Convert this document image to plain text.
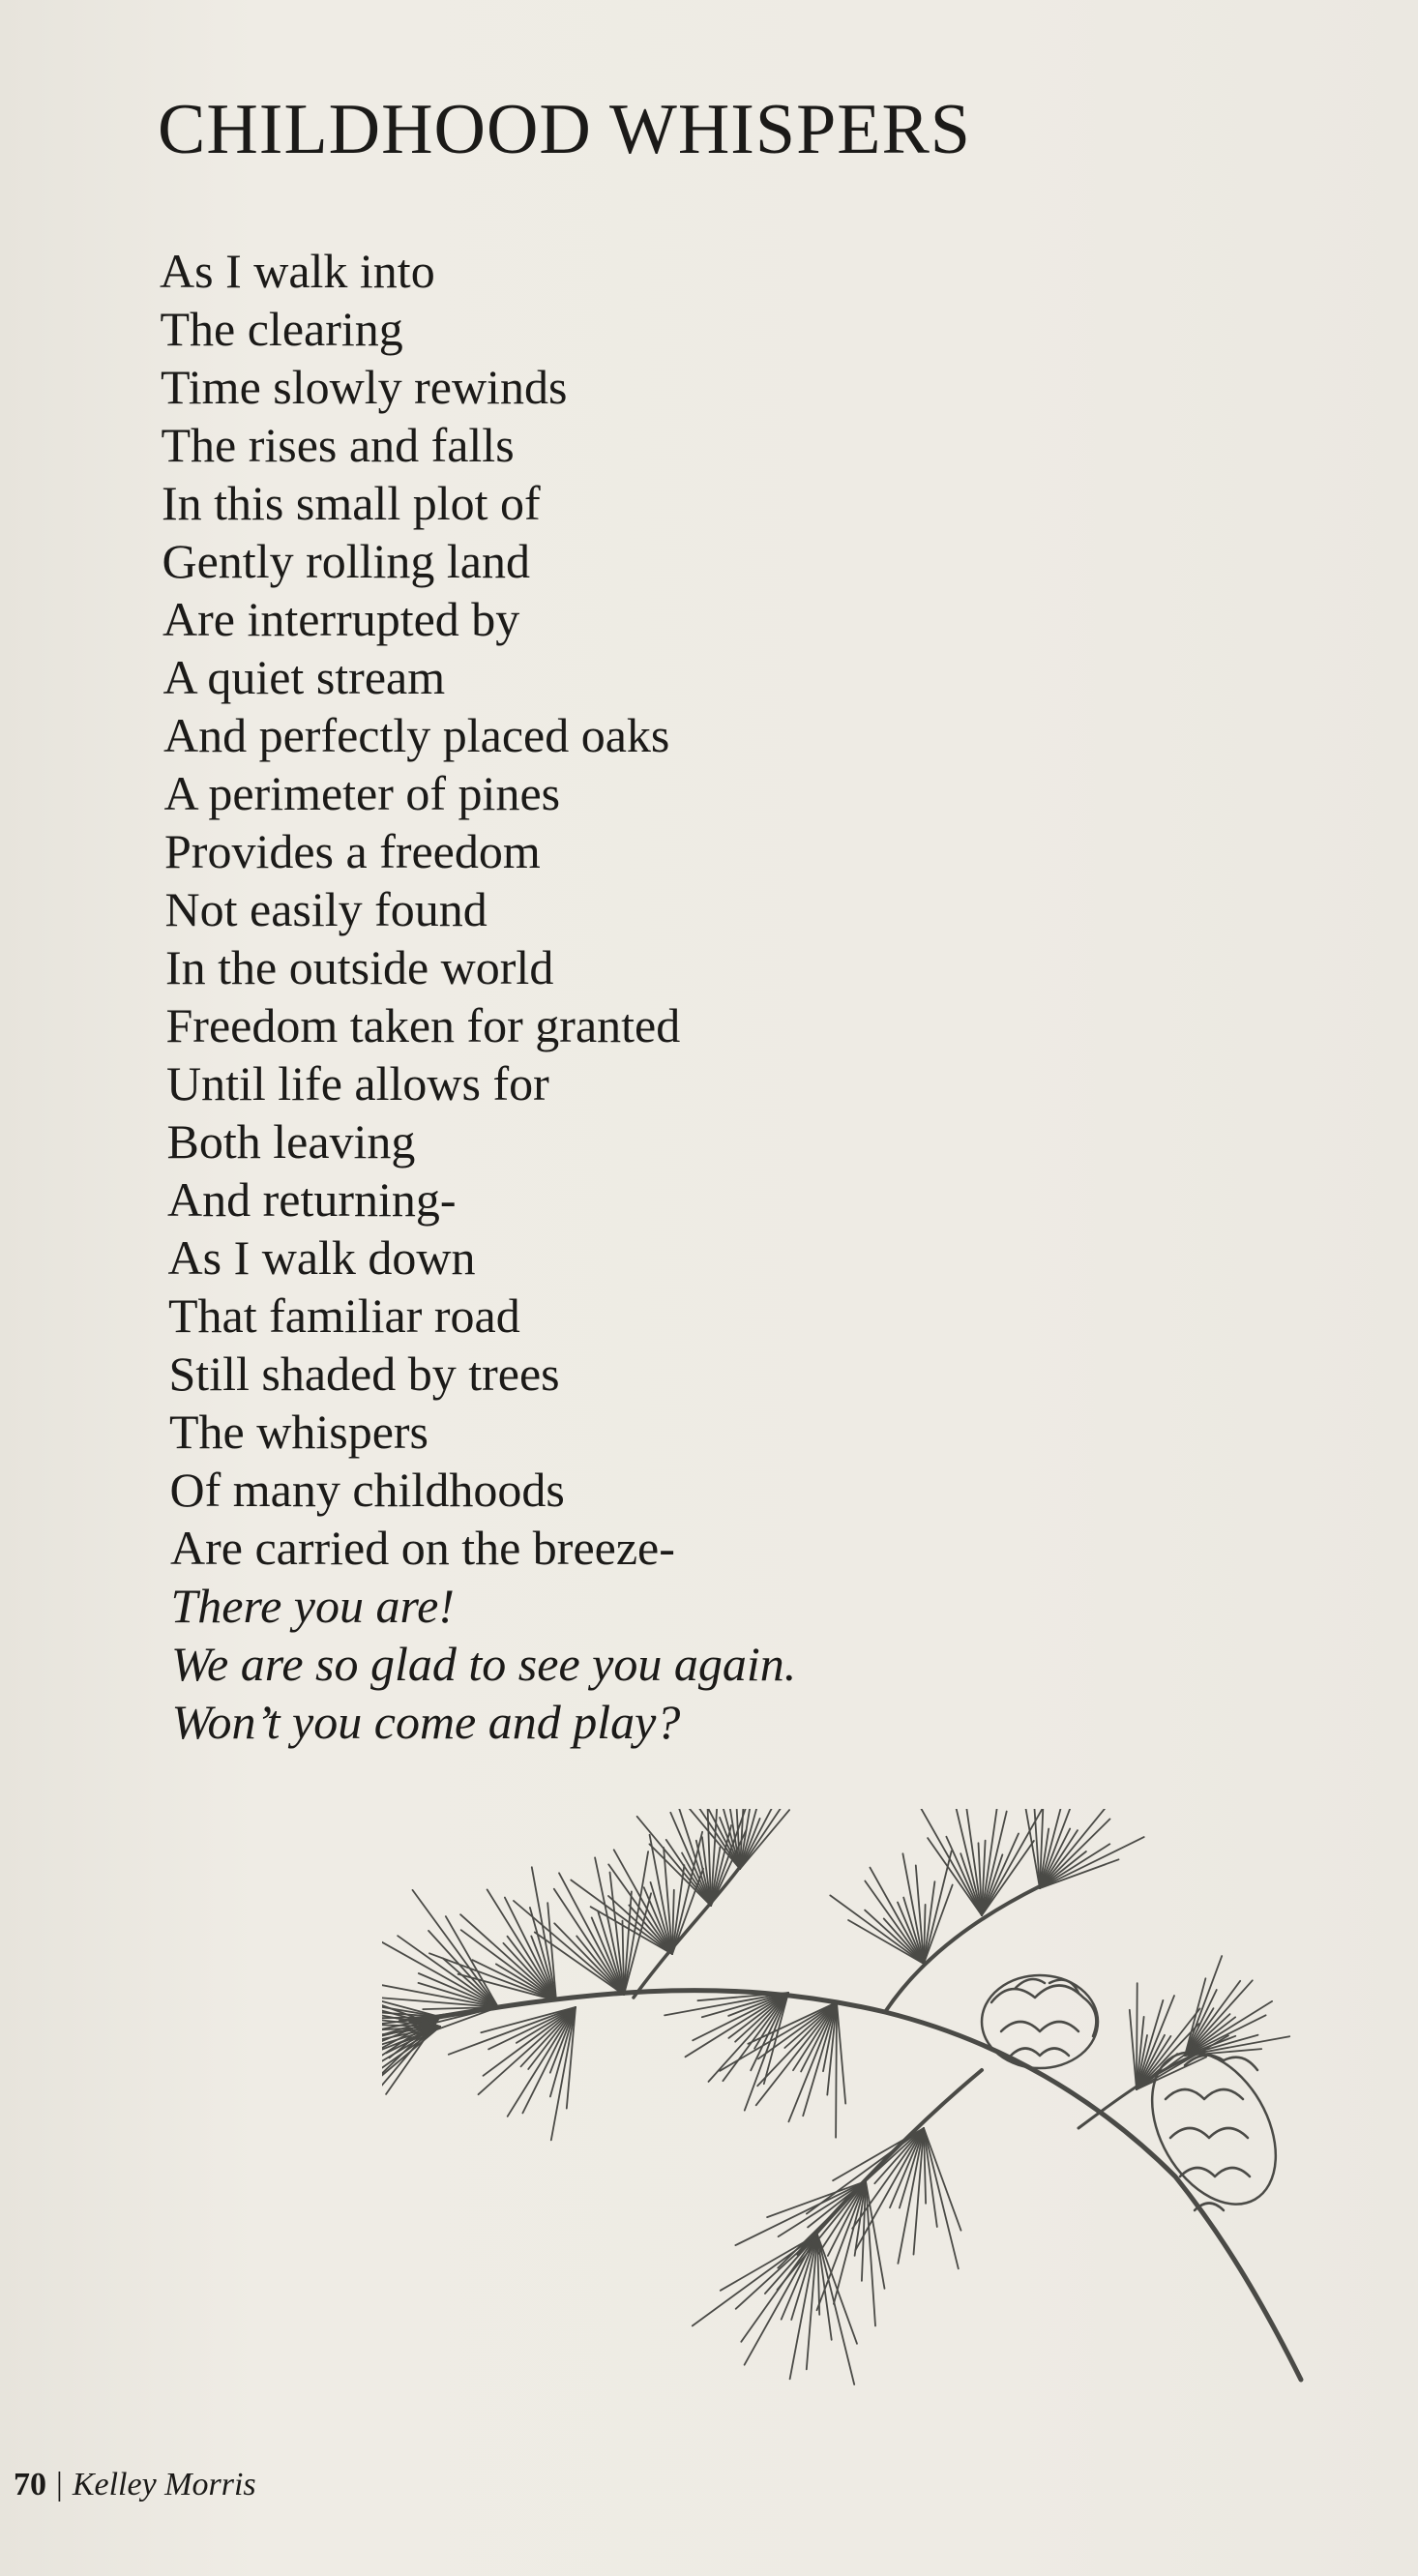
CHILDHOOD WHISPERS
As I walk into
The clearing
Time slowly rewinds
The rises and falls
In this small plot of
Gently rolling land
Are interrupted by
A quiet stream
And perfectly placed oaks
A perimeter of pines
Provides a freedom
Not easily found
In the outside world
Freedom taken for granted
Until life allows for
Both leaving
And returning-
As I walk down
That familiar road
Still shaded by trees
The whispers
Of many childhoods
Are carried on the breeze-
There you are!
We are so glad to see you again.
Won’t you come and play?
70 | Kelley Morris
